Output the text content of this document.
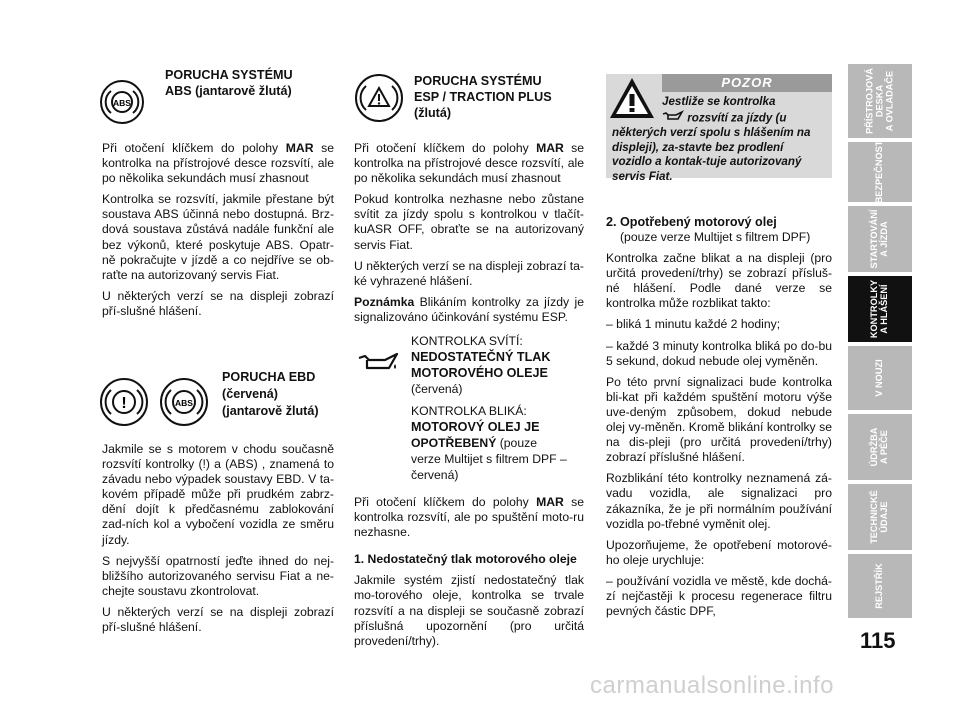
ABS
PORUCHA SYSTÉMU
ABS (jantarově žlutá)

Při otočení klíčkem do polohy MAR se kontrolka na přístrojové desce rozsvítí, ale po několika sekundách musí zhasnout

Kontrolka se rozsvítí, jakmile přestane být soustava ABS účinná nebo dostupná. Brz-dová soustava zůstává nadále funkční ale bez výkonů, které poskytuje ABS. Opatr-ně pokračujte v jízdě a co nejdříve se ob-raťte na autorizovaný servis Fiat.

U některých verzí se na displeji zobrazí pří-slušné hlášení.

!	ABS
PORUCHA EBD
(červená)
(jantarově žlutá)

Jakmile se s motorem v chodu současně rozsvítí kontrolky (!) a (ABS) , znamená to závadu nebo výpadek soustavy EBD. V ta-kovém případě může při prudkém zabrz-dění dojít k předčasnému zablokování zad-ních kol a vybočení vozidla ze směru jízdy.

S nejvyšší opatrností jeďte ihned do nej-bližšího autorizovaného servisu Fiat a ne-chejte soustavu zkontrolovat.

U některých verzí se na displeji zobrazí pří-slušné hlášení.

PORUCHA SYSTÉMU
ESP / TRACTION PLUS
(žlutá)

Při otočení klíčkem do polohy MAR se kontrolka na přístrojové desce rozsvítí, ale po několika sekundách musí zhasnout

Pokud kontrolka nezhasne nebo zůstane svítit za jízdy spolu s kontrolkou v tlačít-kuASR OFF, obraťte se na autorizovaný servis Fiat.

U některých verzí se na displeji zobrazí ta-ké vyhrazené hlášení.

Poznámka Blikáním kontrolky za jízdy je signalizováno účinkování systému ESP.

KONTROLKA SVÍTÍ:
NEDOSTATEČNÝ TLAK
MOTOROVÉHO OLEJE
(červená)
KONTROLKA BLIKÁ:
MOTOROVÝ OLEJ JE
OPOTŘEBENÝ (pouze
verze Multijet s filtrem DPF –
červená)

Při otočení klíčkem do polohy MAR se kontrolka rozsvítí, ale po spuštění moto-ru nezhasne.

1. Nedostatečný tlak motorového oleje

Jakmile systém zjistí nedostatečný tlak mo-torového oleje, kontrolka se trvale rozsvítí a na displeji se současně zobrazí příslušná upozornění (pro určitá provedení/trhy).

POZOR
Jestliže se kontrolka  rozsvítí za jízdy (u některých verzí spolu s hlášením na displeji), za-stavte bez prodlení vozidlo a kontak-tuje autorizovaný servis Fiat.
2. Opotřebený motorový olej
(pouze verze Multijet s filtrem DPF)

Kontrolka začne blikat a na displeji (pro určitá provedení/trhy) se zobrazí přísluš-né hlášení. Podle dané verze se kontrolka může rozblikat takto:

– bliká 1 minutu každé 2 hodiny;

– každé 3 minuty kontrolka bliká po do-bu 5 sekund, dokud nebude olej vyměněn.

Po této první signalizaci bude kontrolka bli-kat při každém spuštění motoru výše uve-deným způsobem, dokud nebude olej vy-měněn. Kromě blikání kontrolky se na dis-pleji (pro určitá provedení/trhy) zobrazí příslušné hlášení.

Rozblikání této kontrolky neznamená zá-vadu vozidla, ale signalizaci pro zákazníka, že je při normálním používání vozidla po-třebné vyměnit olej.

Upozorňujeme, že opotřebení motorové-ho oleje urychluje:

– používání vozidla ve městě, kde dochá-zí nejčastěji k procesu regenerace filtru pevných částic DPF,

PŘÍSTROJOVÁ
DESKA
A OVLADAČE
BEZPEČNOST
STARTOVÁNÍ
A JÍZDA
KONTROLKY
A HLÁŠENÍ
V NOUZI
ÚDRŽBA
A PÉČE
TECHNICKÉ
ÚDAJE
REJSTŘÍK
115
carmanualsonline.info
